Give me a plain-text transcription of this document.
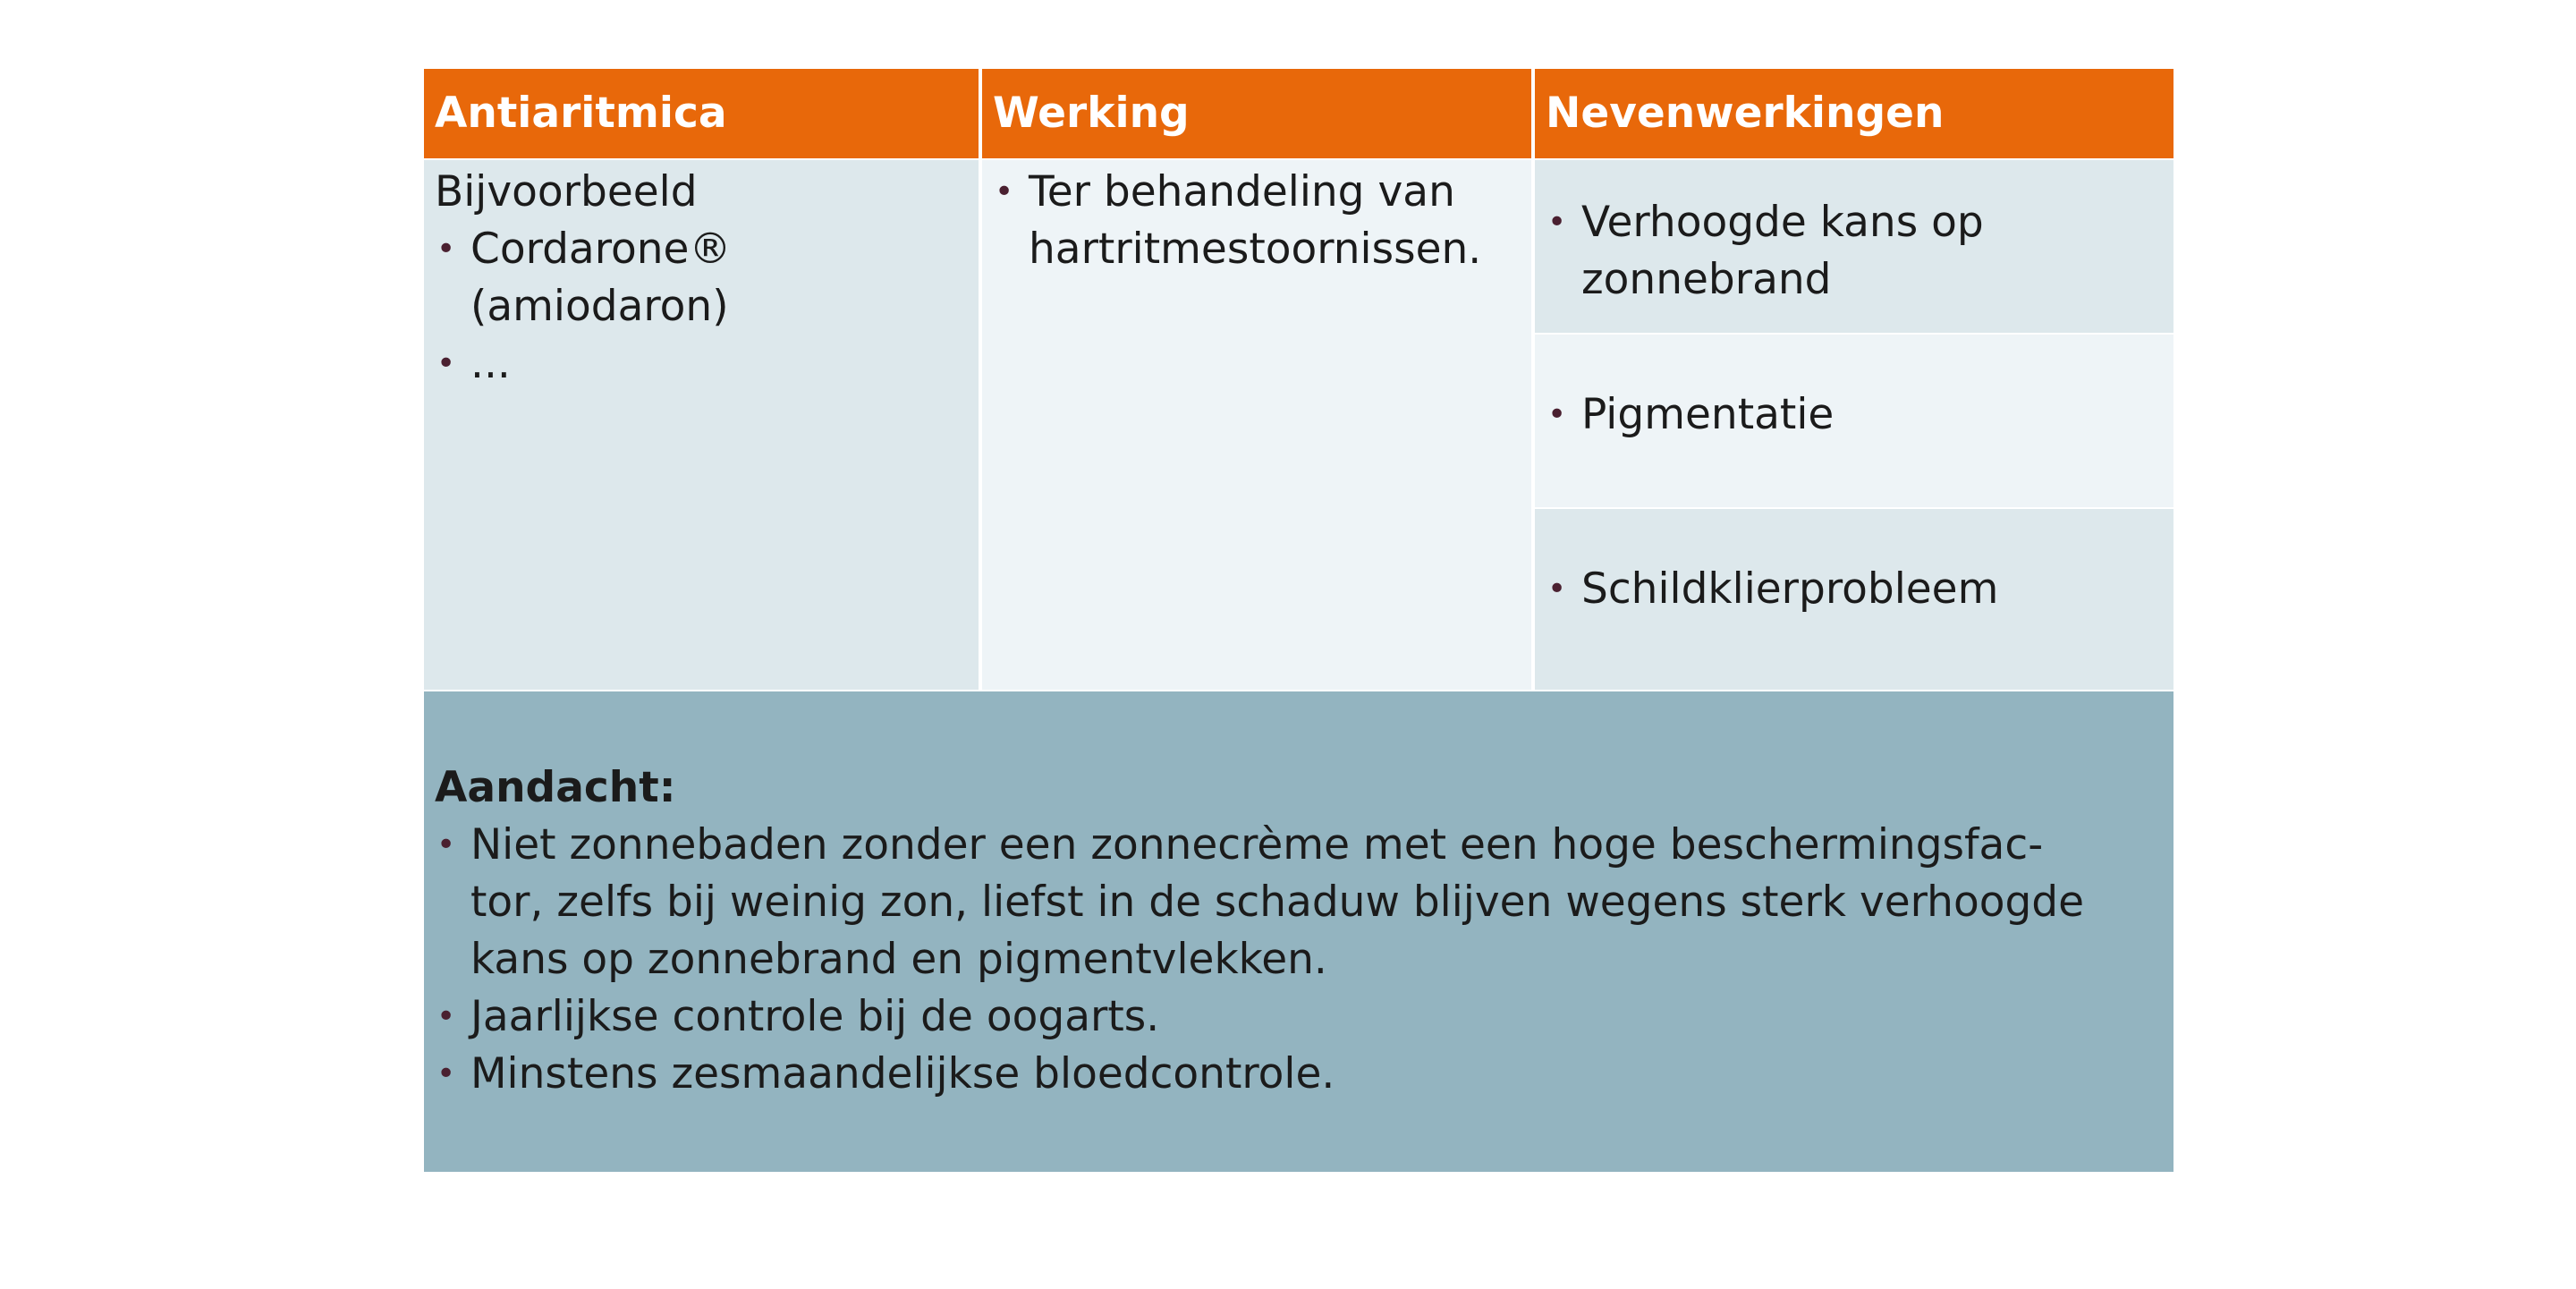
Antiaritmica	Werking	Nevenwerkingen
Bijvoorbeeld
• Cordarone®
(amiodaron)
• ...
• Ter behandeling van
hartritmestoornissen.
• Verhoogde kans op
zonnebrand
• Pigmentatie
• Schildklierprobleem
Aandacht:
• Niet zonnebaden zonder een zonnecrème met een hoge beschermingsfac-
tor, zelfs bij weinig zon, liefst in de schaduw blijven wegens sterk verhoogde
kans op zonnebrand en pigmentvlekken.
• Jaarlijkse controle bij de oogarts.
• Minstens zesmaandelijkse bloedcontrole.
